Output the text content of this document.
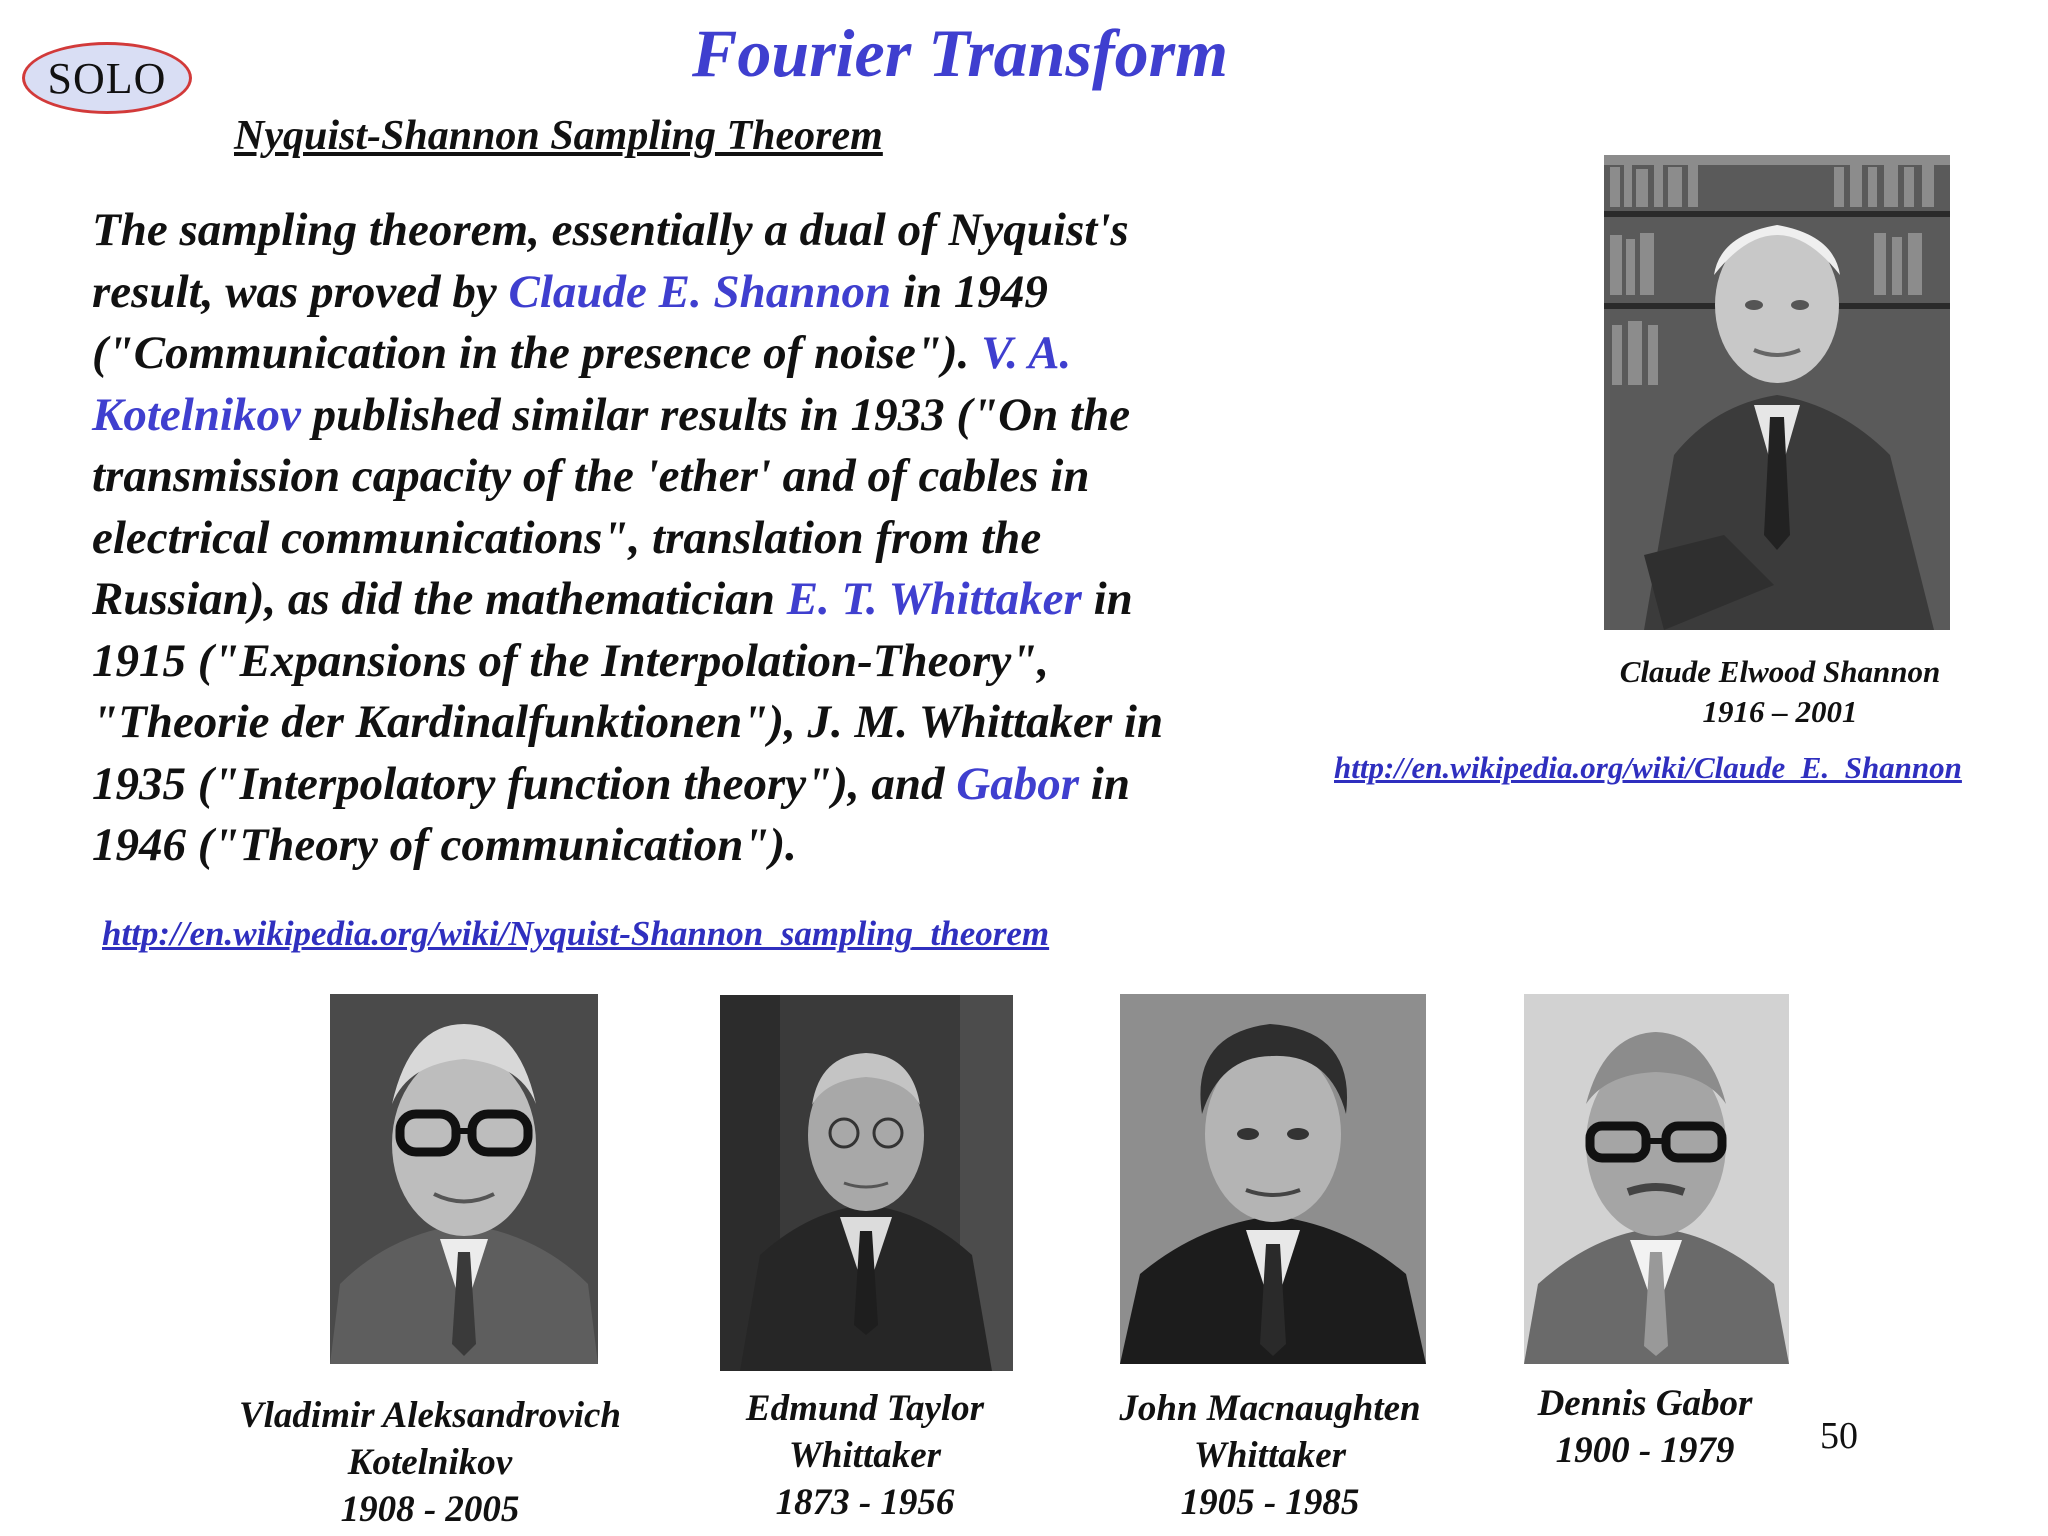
SOLO	Fourier Transform
Nyquist-Shannon Sampling Theorem

The sampling theorem, essentially a dual of Nyquist's
result, was proved by Claude E. Shannon in 1949
("Communication in the presence of noise"). V. A.
Kotelnikov published similar results in 1933 ("On the
transmission capacity of the 'ether' and of cables in
electrical communications", translation from the
Russian), as did the mathematician E. T. Whittaker in
1915 ("Expansions of the Interpolation-Theory",
"Theorie der Kardinalfunktionen"), J. M. Whittaker in
1935 ("Interpolatory function theory"), and Gabor in
1946 ("Theory of communication").

http://en.wikipedia.org/wiki/Nyquist-Shannon_sampling_theorem
Claude Elwood Shannon
1916 – 2001
http://en.wikipedia.org/wiki/Claude_E._Shannon
Vladimir Aleksandrovich
Kotelnikov
1908 - 2005
Edmund Taylor
Whittaker
1873 - 1956
John Macnaughten
Whittaker
1905 - 1985
Dennis Gabor
1900 - 1979	50
